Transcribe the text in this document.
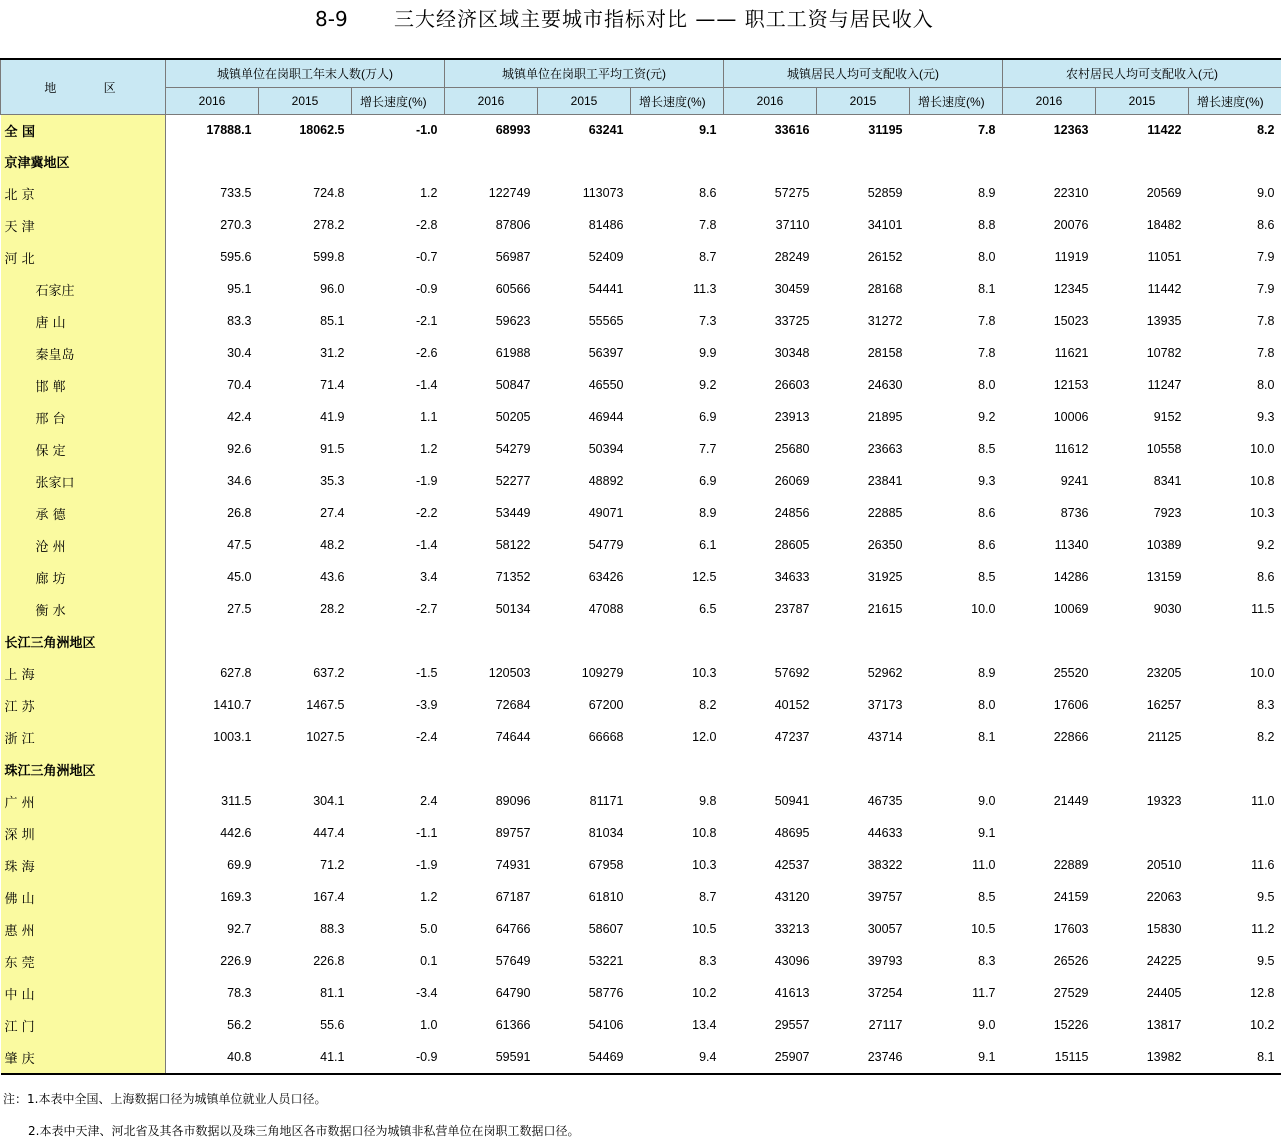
8-9 三大经济区域主要城市指标对比 —— 职工工资与居民收入
地 区	城镇单位在岗职工年末人数(万人)			城镇单位在岗职工平均工资(元)			城镇居民人均可支配收入(元)			农村居民人均可支配收入(元)		
	2016	2015	增长速度(%)	2016	2015	增长速度(%)	2016	2015	增长速度(%)	2016	2015	增长速度(%)
全 国	17888.1	18062.5	-1.0	68993	63241	9.1	33616	31195	7.8	12363	11422	8.2
京津冀地区												
北 京	733.5	724.8	1.2	122749	113073	8.6	57275	52859	8.9	22310	20569	9.0
天 津	270.3	278.2	-2.8	87806	81486	7.8	37110	34101	8.8	20076	18482	8.6
河 北	595.6	599.8	-0.7	56987	52409	8.7	28249	26152	8.0	11919	11051	7.9
石家庄	95.1	96.0	-0.9	60566	54441	11.3	30459	28168	8.1	12345	11442	7.9
唐 山	83.3	85.1	-2.1	59623	55565	7.3	33725	31272	7.8	15023	13935	7.8
秦皇岛	30.4	31.2	-2.6	61988	56397	9.9	30348	28158	7.8	11621	10782	7.8
邯 郸	70.4	71.4	-1.4	50847	46550	9.2	26603	24630	8.0	12153	11247	8.0
邢 台	42.4	41.9	1.1	50205	46944	6.9	23913	21895	9.2	10006	9152	9.3
保 定	92.6	91.5	1.2	54279	50394	7.7	25680	23663	8.5	11612	10558	10.0
张家口	34.6	35.3	-1.9	52277	48892	6.9	26069	23841	9.3	9241	8341	10.8
承 德	26.8	27.4	-2.2	53449	49071	8.9	24856	22885	8.6	8736	7923	10.3
沧 州	47.5	48.2	-1.4	58122	54779	6.1	28605	26350	8.6	11340	10389	9.2
廊 坊	45.0	43.6	3.4	71352	63426	12.5	34633	31925	8.5	14286	13159	8.6
衡 水	27.5	28.2	-2.7	50134	47088	6.5	23787	21615	10.0	10069	9030	11.5
长江三角洲地区												
上 海	627.8	637.2	-1.5	120503	109279	10.3	57692	52962	8.9	25520	23205	10.0
江 苏	1410.7	1467.5	-3.9	72684	67200	8.2	40152	37173	8.0	17606	16257	8.3
浙 江	1003.1	1027.5	-2.4	74644	66668	12.0	47237	43714	8.1	22866	21125	8.2
珠江三角洲地区												
广 州	311.5	304.1	2.4	89096	81171	9.8	50941	46735	9.0	21449	19323	11.0
深 圳	442.6	447.4	-1.1	89757	81034	10.8	48695	44633	9.1			
珠 海	69.9	71.2	-1.9	74931	67958	10.3	42537	38322	11.0	22889	20510	11.6
佛 山	169.3	167.4	1.2	67187	61810	8.7	43120	39757	8.5	24159	22063	9.5
惠 州	92.7	88.3	5.0	64766	58607	10.5	33213	30057	10.5	17603	15830	11.2
东 莞	226.9	226.8	0.1	57649	53221	8.3	43096	39793	8.3	26526	24225	9.5
中 山	78.3	81.1	-3.4	64790	58776	10.2	41613	37254	11.7	27529	24405	12.8
江 门	56.2	55.6	1.0	61366	54106	13.4	29557	27117	9.0	15226	13817	10.2
肇 庆	40.8	41.1	-0.9	59591	54469	9.4	25907	23746	9.1	15115	13982	8.1
注：1.本表中全国、上海数据口径为城镇单位就业人员口径。
2.本表中天津、河北省及其各市数据以及珠三角地区各市数据口径为城镇非私营单位在岗职工数据口径。
